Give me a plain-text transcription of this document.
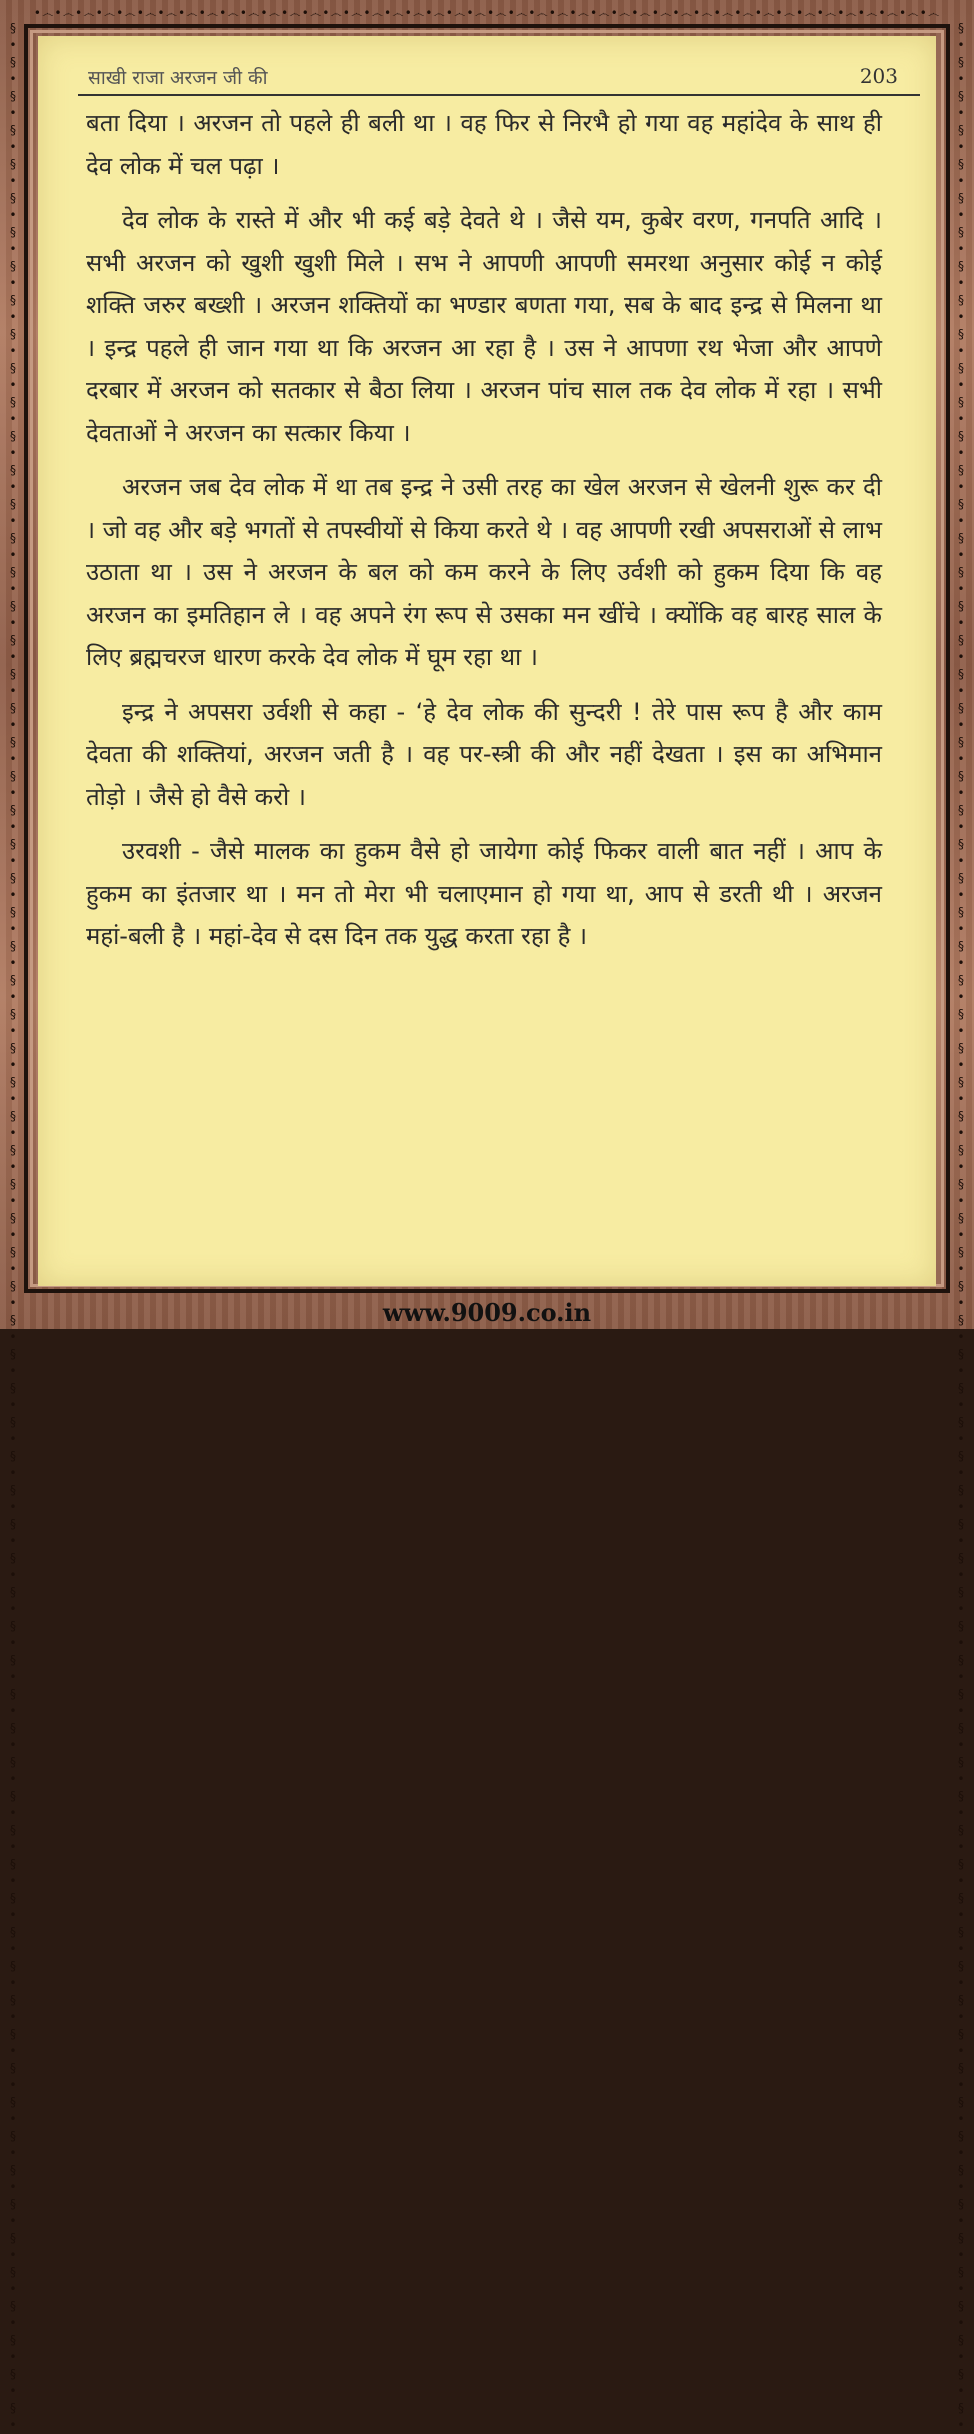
•෴•෴•෴•෴•෴•෴•෴•෴•෴•෴•෴•෴•෴•෴•෴•෴•෴•෴•෴•෴•෴•෴•෴•෴•෴•෴•෴•෴•෴•෴•෴•෴•෴•෴•෴•෴•෴•෴•෴•෴•෴•෴•෴•෴
§•§•§•§•§•§•§•§•§•§•§•§•§•§•§•§•§•§•§•§•§•§•§•§•§•§•§•§•§•§•§•§•§•§•§•§•§•§•§•§•§•§•§•§•§•§•§•§•§•§•§•§•§•§•§•§•§•§•§•§•§•§•§•§•§•§•§•§•§•§•§•
§•§•§•§•§•§•§•§•§•§•§•§•§•§•§•§•§•§•§•§•§•§•§•§•§•§•§•§•§•§•§•§•§•§•§•§•§•§•§•§•§•§•§•§•§•§•§•§•§•§•§•§•§•§•§•§•§•§•§•§•§•§•§•§•§•§•§•§•§•§•§•
साखी राजा अरजन जी की	203

बता दिया । अरजन तो पहले ही बली था । वह फिर से निरभै हो गया वह महांदेव के साथ ही देव लोक में चल पढ़ा ।

देव लोक के रास्ते में और भी कई बड़े देवते थे । जैसे यम, कुबेर वरण, गनपति आदि । सभी अरजन को खुशी खुशी मिले । सभ ने आपणी आपणी समरथा अनुसार कोई न कोई शक्ति जरुर बख्शी । अरजन शक्तियों का भण्डार बणता गया, सब के बाद इन्द्र से मिलना था । इन्द्र पहले ही जान गया था कि अरजन आ रहा है । उस ने आपणा रथ भेजा और आपणे दरबार में अरजन को सतकार से बैठा लिया । अरजन पांच साल तक देव लोक में रहा । सभी देवताओं ने अरजन का सत्कार किया ।

अरजन जब देव लोक में था तब इन्द्र ने उसी तरह का खेल अरजन से खेलनी शुरू कर दी । जो वह और बड़े भगतों से तपस्वीयों से किया करते थे । वह आपणी रखी अपसराओं से लाभ उठाता था । उस ने अरजन के बल को कम करने के लिए उर्वशी को हुकम दिया कि वह अरजन का इमतिहान ले । वह अपने रंग रूप से उसका मन खींचे । क्योंकि वह बारह साल के लिए ब्रह्मचरज धारण करके देव लोक में घूम रहा था ।

इन्द्र ने अपसरा उर्वशी से कहा - ‘हे देव लोक की सुन्दरी ! तेरे पास रूप है और काम देवता की शक्तियां, अरजन जती है । वह पर-स्त्री की और नहीं देखता । इस का अभिमान तोड़ो । जैसे हो वैसे करो ।

उरवशी - जैसे मालक का हुकम वैसे हो जायेगा कोई फिकर वाली बात नहीं । आप के हुकम का इंतजार था । मन तो मेरा भी चलाएमान हो गया था, आप से डरती थी । अरजन महां-बली है । महां-देव से दस दिन तक युद्ध करता रहा है ।

www.9009.co.in
